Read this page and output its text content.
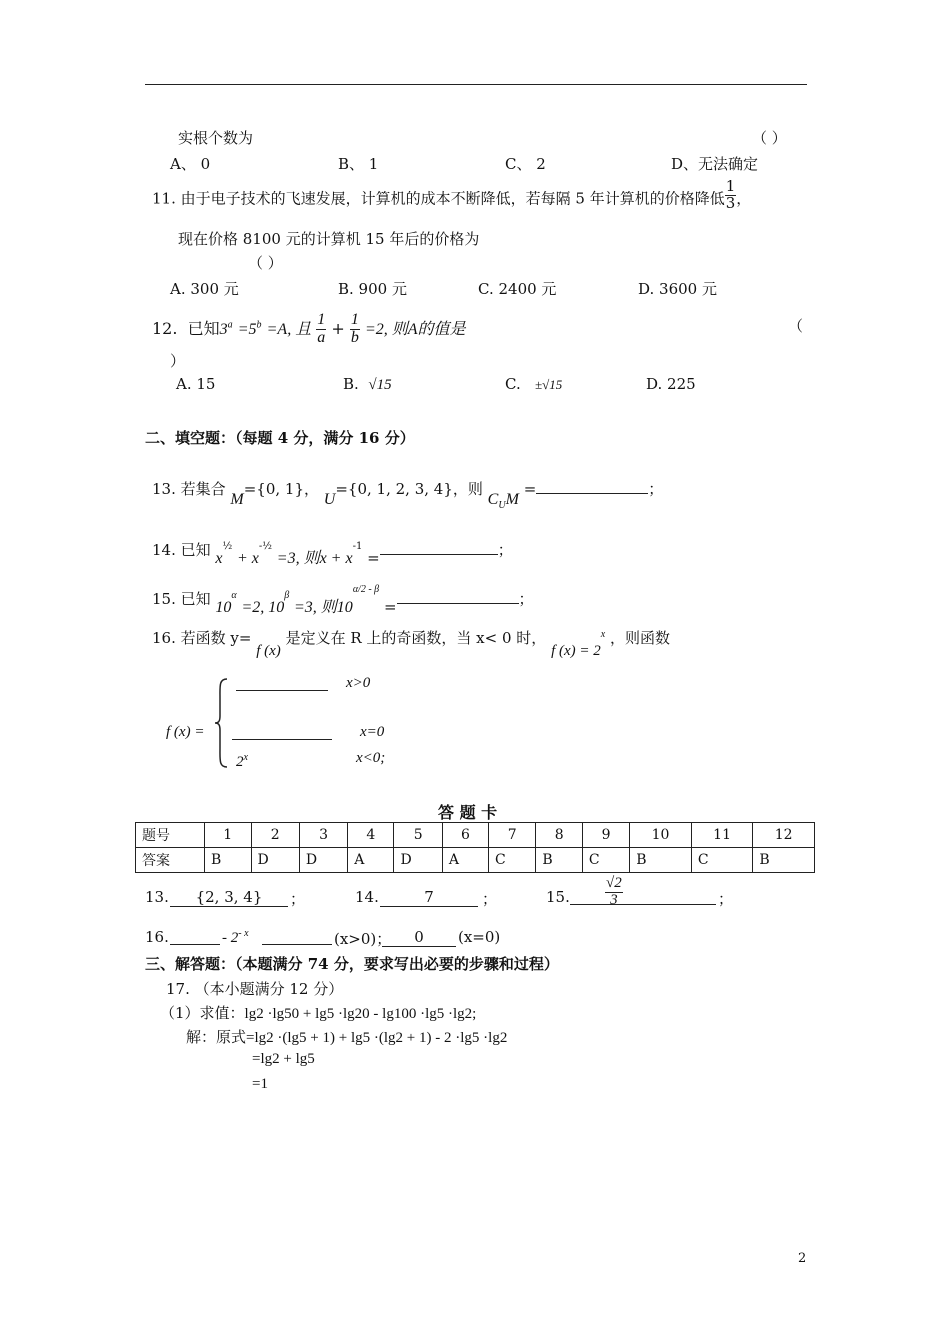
实根个数为	（ ）
A、 0	B、 1	C、 2	D、无法确定
11. 由于电子技术的飞速发展，计算机的成本不断降低，若每隔 5 年计算机的价格降低 $\frac{1}{3}$ ，
现在价格 8100 元的计算机 15 年后的价格为
（ ）
A. 300 元	B. 900 元	C. 2400 元	D. 3600 元
12. 已知$3^a =5^b =A$, 且 $\frac{1}{a} + \frac{1}{b} =2$, 则A的值是	（
）
A. 15	B. √15	C. ±√15	D. 225
二、填空题：（每题 4 分，满分 16 分）
13. 若集合 M={0, 1}， U={0, 1, 2, 3, 4}，则 $C_UM$ =	；
14. 已知 $x^{\frac{1}{2}} + x^{-\frac{1}{2}} =3$, 则$x + x^{-1}$ =	；
15. 已知 $10^\alpha =2$, $10^\beta =3$, 则$10^{\alpha/2 - \beta}$ =	；
16. 若函数 y= f (x) 是定义在 R 上的奇函数，当 x< 0 时， f $(x) = 2^x$ ，则函数
f (x) =
x>0
x=0
2$^x$	x<0;
答 题 卡
题号	1	2	3	4	5	6	7	8	9	10	11	12
答案	B	D	D	A	D	A	C	B	C	B	C	B
13.	{2, 3, 4}	；	14.	7	；	15. $\frac{√2}{3}$	；
16.	- $2^{- x}$	(x>0)；	0	(x=0)
三、解答题：（本题满分 74 分，要求写出必要的步骤和过程）
17. （本小题满分 12 分）
（1）求值：lg2 ·lg50 + lg5 ·lg20 - lg100 ·lg5 ·lg2;
解：原式=lg2 ·(lg5 + 1) + lg5 ·(lg2 + 1) - 2 ·lg5 ·lg2
=lg2 + lg5
=1
2
